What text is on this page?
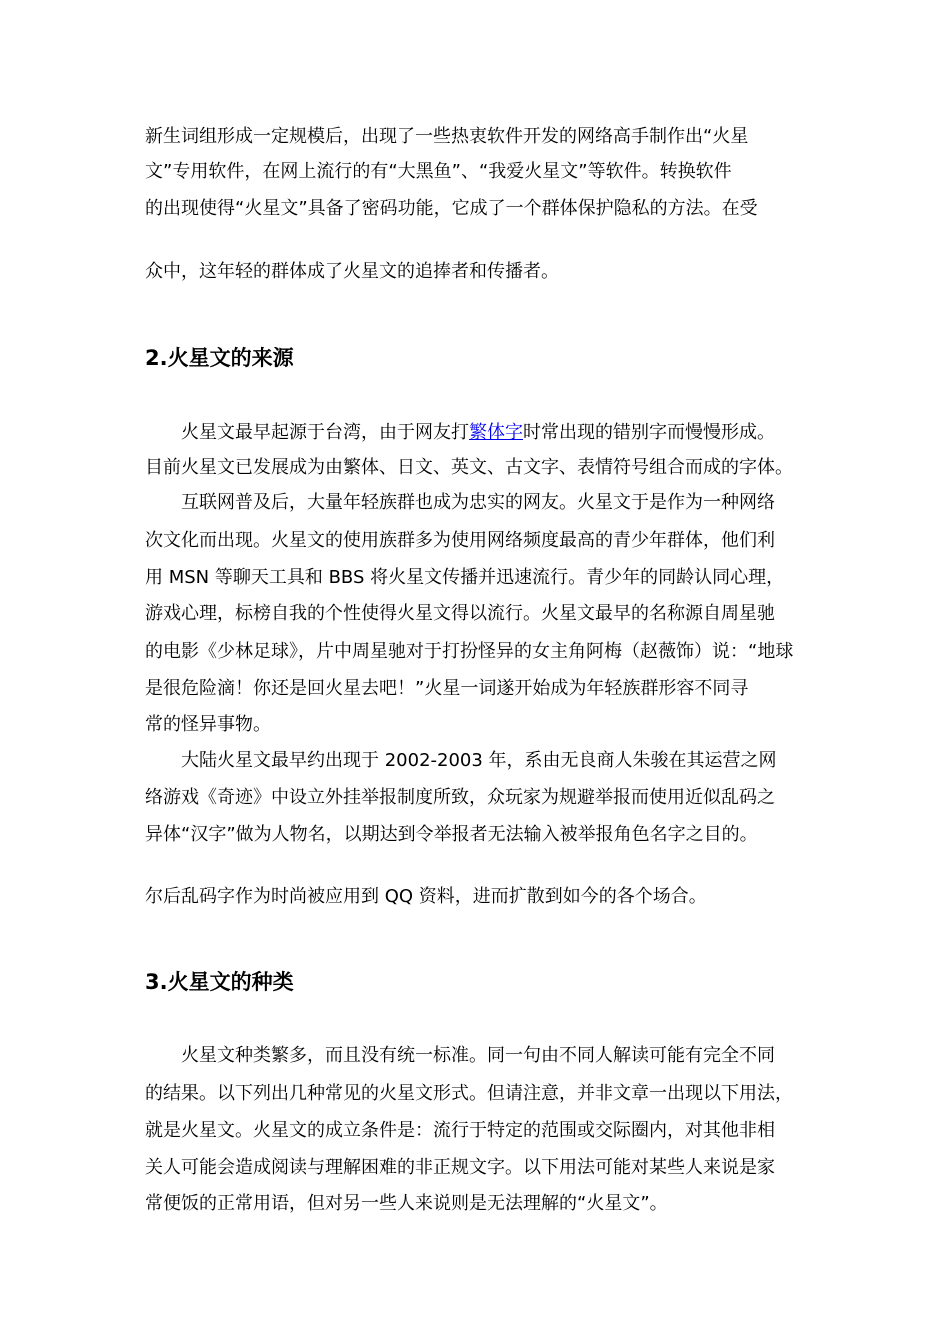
新生词组形成一定规模后，出现了一些热衷软件开发的网络高手制作出“火星

文”专用软件，在网上流行的有“大黑鱼”、“我爱火星文”等软件。转换软件

的出现使得“火星文”具备了密码功能，它成了一个群体保护隐私的方法。在受

众中，这年轻的群体成了火星文的追捧者和传播者。

2.火星文的来源

火星文最早起源于台湾，由于网友打繁体字时常出现的错别字而慢慢形成。

目前火星文已发展成为由繁体、日文、英文、古文字、表情符号组合而成的字体。

互联网普及后，大量年轻族群也成为忠实的网友。火星文于是作为一种网络

次文化而出现。火星文的使用族群多为使用网络频度最高的青少年群体，他们利

用 MSN 等聊天工具和 BBS 将火星文传播并迅速流行。青少年的同龄认同心理，

游戏心理，标榜自我的个性使得火星文得以流行。火星文最早的名称源自周星驰

的电影《少林足球》，片中周星驰对于打扮怪异的女主角阿梅（赵薇饰）说：“地球

是很危险滴！你还是回火星去吧！”火星一词遂开始成为年轻族群形容不同寻

常的怪异事物。

大陆火星文最早约出现于 2002-2003 年，系由无良商人朱骏在其运营之网

络游戏《奇迹》中设立外挂举报制度所致，众玩家为规避举报而使用近似乱码之

异体“汉字”做为人物名，以期达到令举报者无法输入被举报角色名字之目的。

尔后乱码字作为时尚被应用到 QQ 资料，进而扩散到如今的各个场合。

3.火星文的种类

火星文种类繁多，而且没有统一标准。同一句由不同人解读可能有完全不同

的结果。以下列出几种常见的火星文形式。但请注意，并非文章一出现以下用法，

就是火星文。火星文的成立条件是：流行于特定的范围或交际圈内，对其他非相

关人可能会造成阅读与理解困难的非正规文字。以下用法可能对某些人来说是家

常便饭的正常用语，但对另一些人来说则是无法理解的“火星文”。
